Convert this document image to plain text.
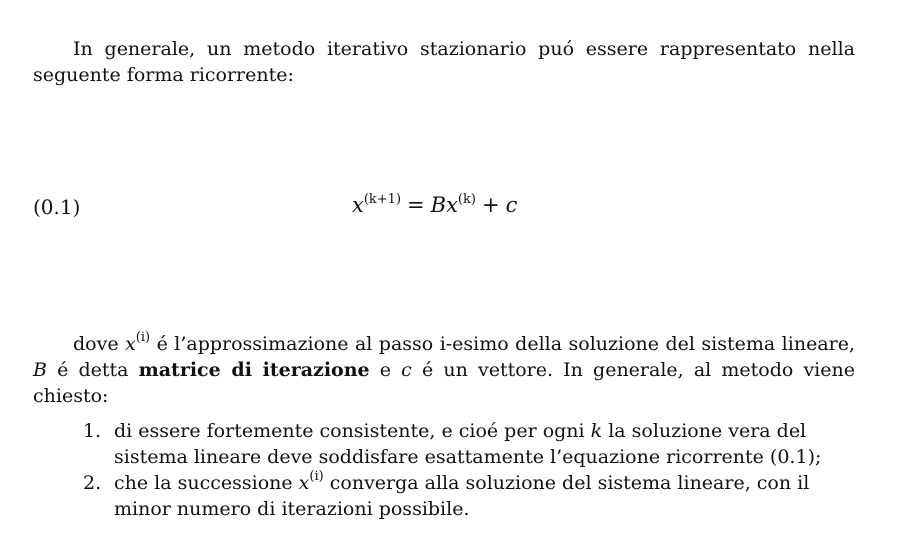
In generale, un metodo iterativo stazionario puó essere rappresentato nella seguente forma ricorrente:

(0.1)	$x^{(k+1)} = Bx^{(k)} + c$

dove $x^{(i)}$ é l’approssimazione al passo i-esimo della soluzione del sistema lineare, B é detta matrice di iterazione e c é un vettore. In generale, al metodo viene chiesto:

1. di essere fortemente consistente, e cioé per ogni k la soluzione vera del sistema lineare deve soddisfare esattamente l’equazione ricorrente (0.1);
2. che la successione $x^{(i)}$ converga alla soluzione del sistema lineare, con il minor numero di iterazioni possibile.
